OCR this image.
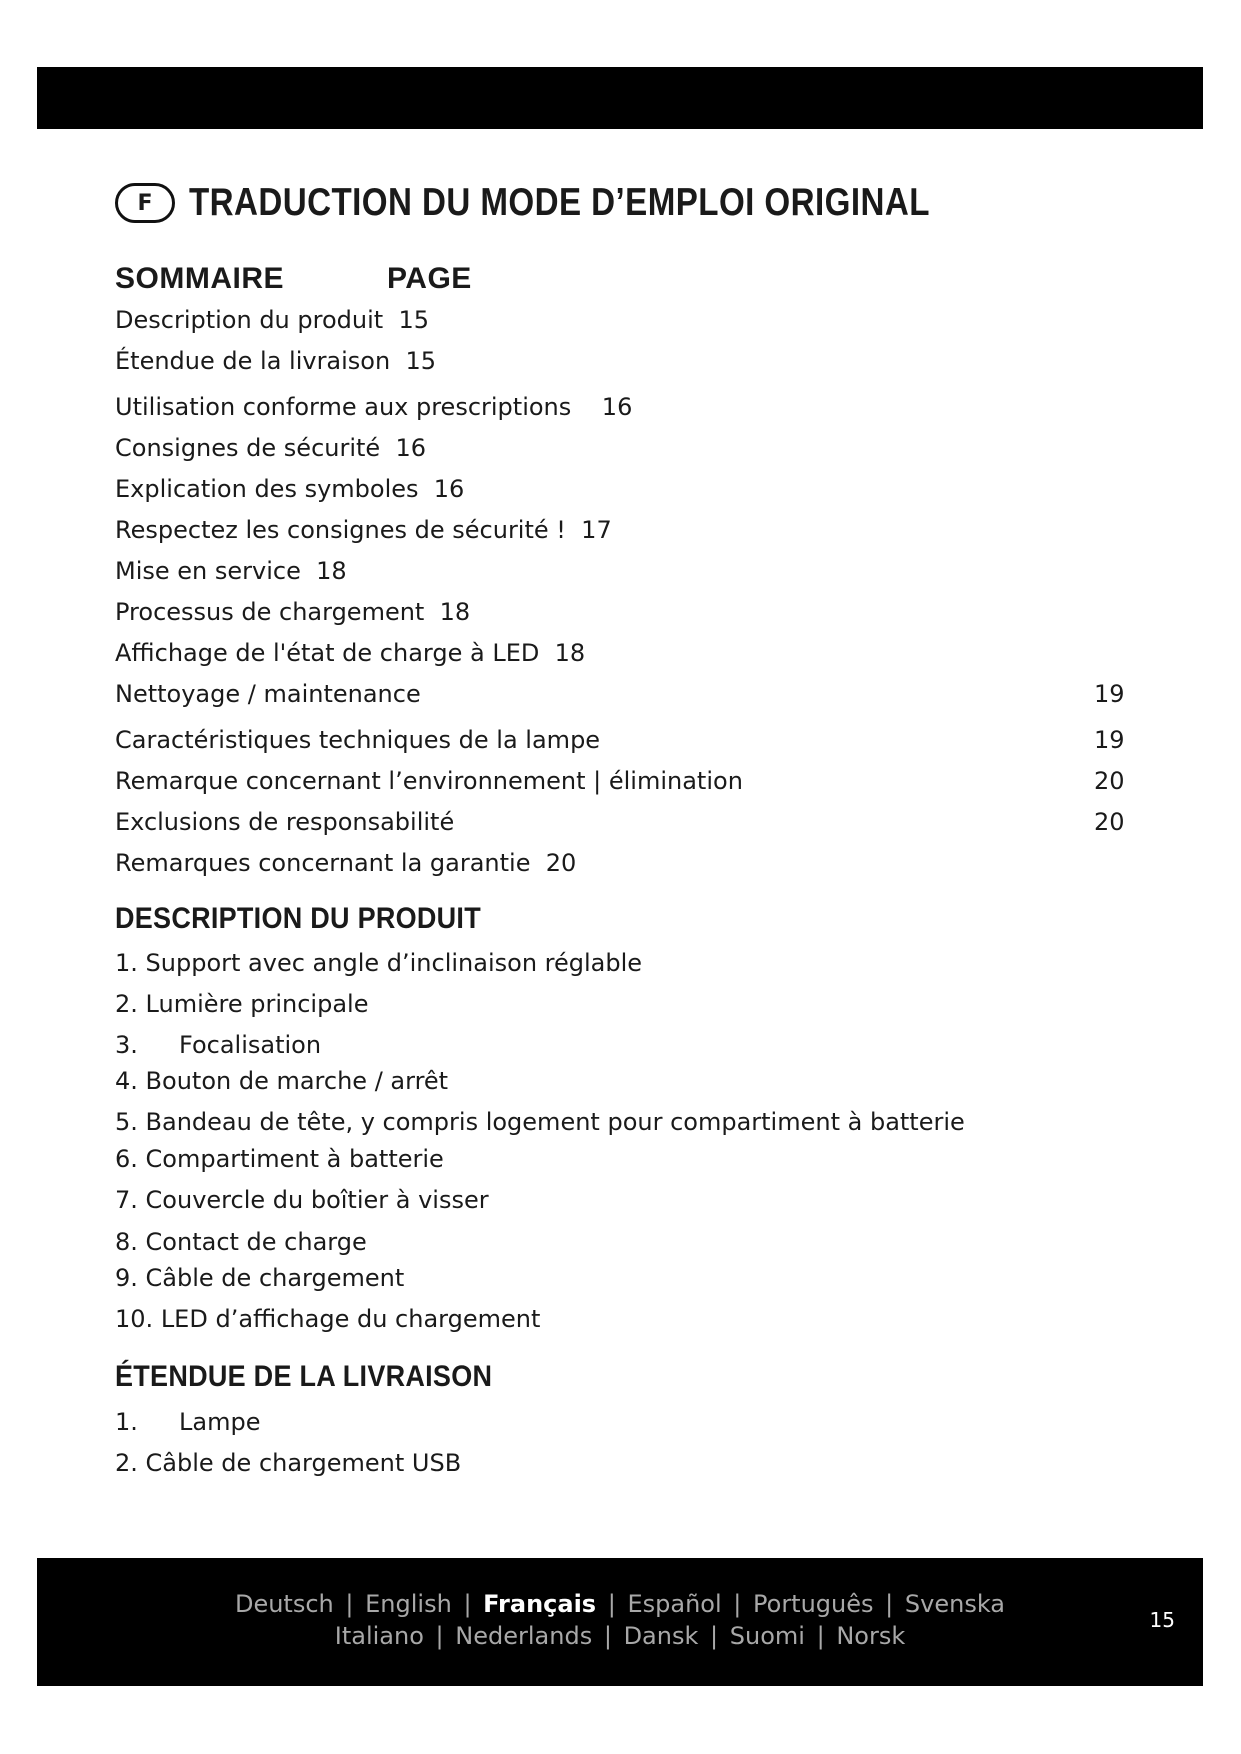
F TRADUCTION DU MODE D’EMPLOI ORIGINAL
SOMMAIRE	PAGE
Description du produit 15
Étendue de la livraison 15
Utilisation conforme aux prescriptions 16
Consignes de sécurité 16
Explication des symboles 16
Respectez les consignes de sécurité ! 17
Mise en service 18
Processus de chargement 18
Affichage de l'état de charge à LED 18
Nettoyage / maintenance	19
Caractéristiques techniques de la lampe	19
Remarque concernant l’environnement | élimination	20
Exclusions de responsabilité	20
Remarques concernant la garantie 20
DESCRIPTION DU PRODUIT
1. Support avec angle d’inclinaison réglable
2. Lumière principale
3. Focalisation
4. Bouton de marche / arrêt
5. Bandeau de tête, y compris logement pour compartiment à batterie
6. Compartiment à batterie
7. Couvercle du boîtier à visser
8. Contact de charge
9. Câble de chargement
10. LED d’affichage du chargement
ÉTENDUE DE LA LIVRAISON
1. Lampe
2. Câble de chargement USB
Deutsch | English | Français | Español | Português | Svenska
Italiano | Nederlands | Dansk | Suomi | Norsk
15
